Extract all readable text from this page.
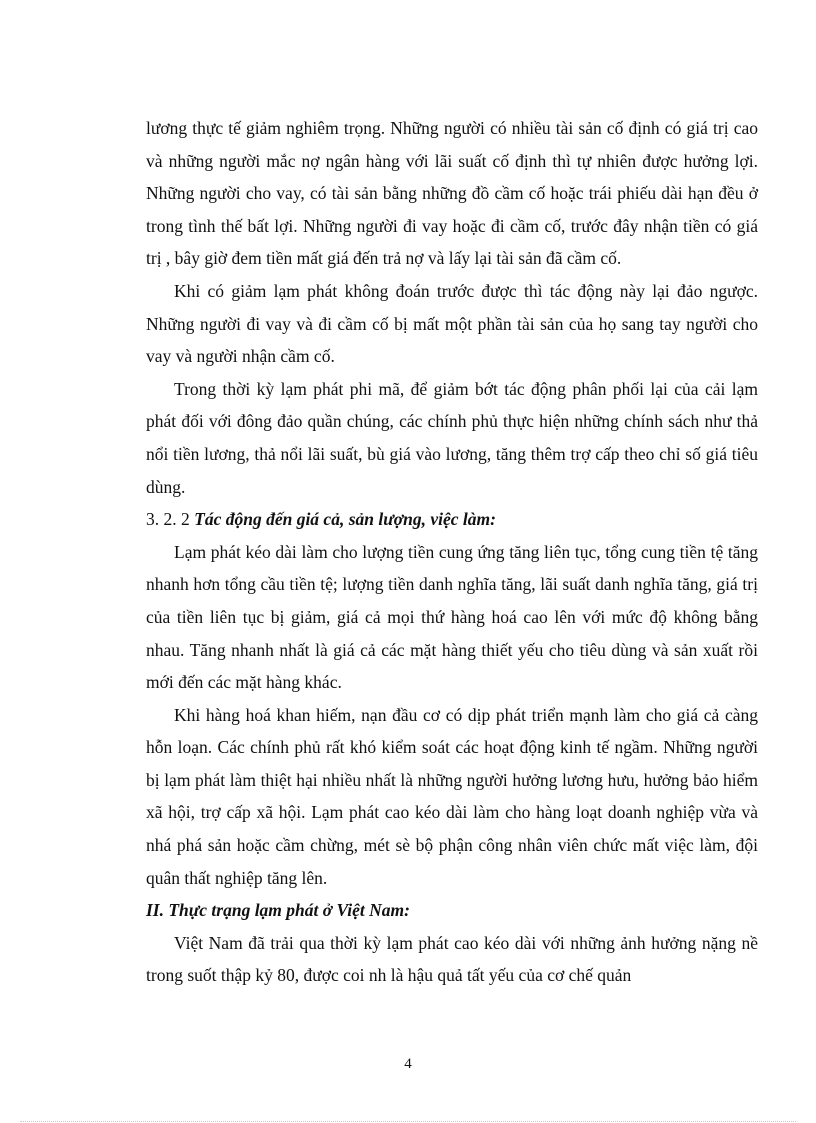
lương thực tế giảm nghiêm trọng. Những người có nhiều tài sản cố định có giá trị cao và những người mắc nợ ngân hàng với lãi suất cố định thì tự nhiên được hưởng lợi. Những người cho vay, có tài sản bằng những đồ cầm cố hoặc trái phiếu dài hạn đều ở trong tình thế bất lợi. Những người đi vay hoặc đi cầm cố, trước đây nhận tiền có giá trị , bây giờ đem tiền mất giá đến trả nợ và lấy lại tài sản đã cầm cố.

Khi có giảm lạm phát không đoán trước được thì tác động này lại đảo ngược. Những người đi vay và đi cầm cố bị mất một phần tài sản của họ sang tay người cho vay và người nhận cầm cố.

Trong thời kỳ lạm phát phi mã, để giảm bớt tác động phân phối lại của cải lạm phát đối với đông đảo quần chúng, các chính phủ thực hiện những chính sách như thả nổi tiền lương, thả nổi lãi suất, bù giá vào lương, tăng thêm trợ cấp theo chỉ số giá tiêu dùng.

3. 2. 2 Tác động đến giá cả, sản lượng, việc làm:

Lạm phát kéo dài làm cho lượng tiền cung ứng tăng liên tục, tổng cung tiền tệ tăng nhanh hơn tổng cầu tiền tệ; lượng tiền danh nghĩa tăng, lãi suất danh nghĩa tăng, giá trị của tiền liên tục bị giảm, giá cả mọi thứ hàng hoá cao lên với mức độ không bằng nhau. Tăng nhanh nhất là giá cả các mặt hàng thiết yếu cho tiêu dùng và sản xuất rồi mới đến các mặt hàng khác.

Khi hàng hoá khan hiếm, nạn đầu cơ có dịp phát triển mạnh làm cho giá cả càng hỗn loạn. Các chính phủ rất khó kiểm soát các hoạt động kinh tế ngầm. Những người bị lạm phát làm thiệt hại nhiều nhất là những người hưởng lương hưu, hưởng bảo hiểm xã hội, trợ cấp xã hội. Lạm phát cao kéo dài làm cho hàng loạt doanh nghiệp vừa và nhá phá sản hoặc cầm chừng, mét sè bộ phận công nhân viên chức mất việc làm, đội quân thất nghiệp tăng lên.

II. Thực trạng lạm phát ở Việt Nam:

Việt Nam đã trải qua thời kỳ lạm phát cao kéo dài với những ảnh hưởng nặng nề trong suốt thập kỷ 80, được coi nh là hậu quả tất yếu của cơ chế quản

4
